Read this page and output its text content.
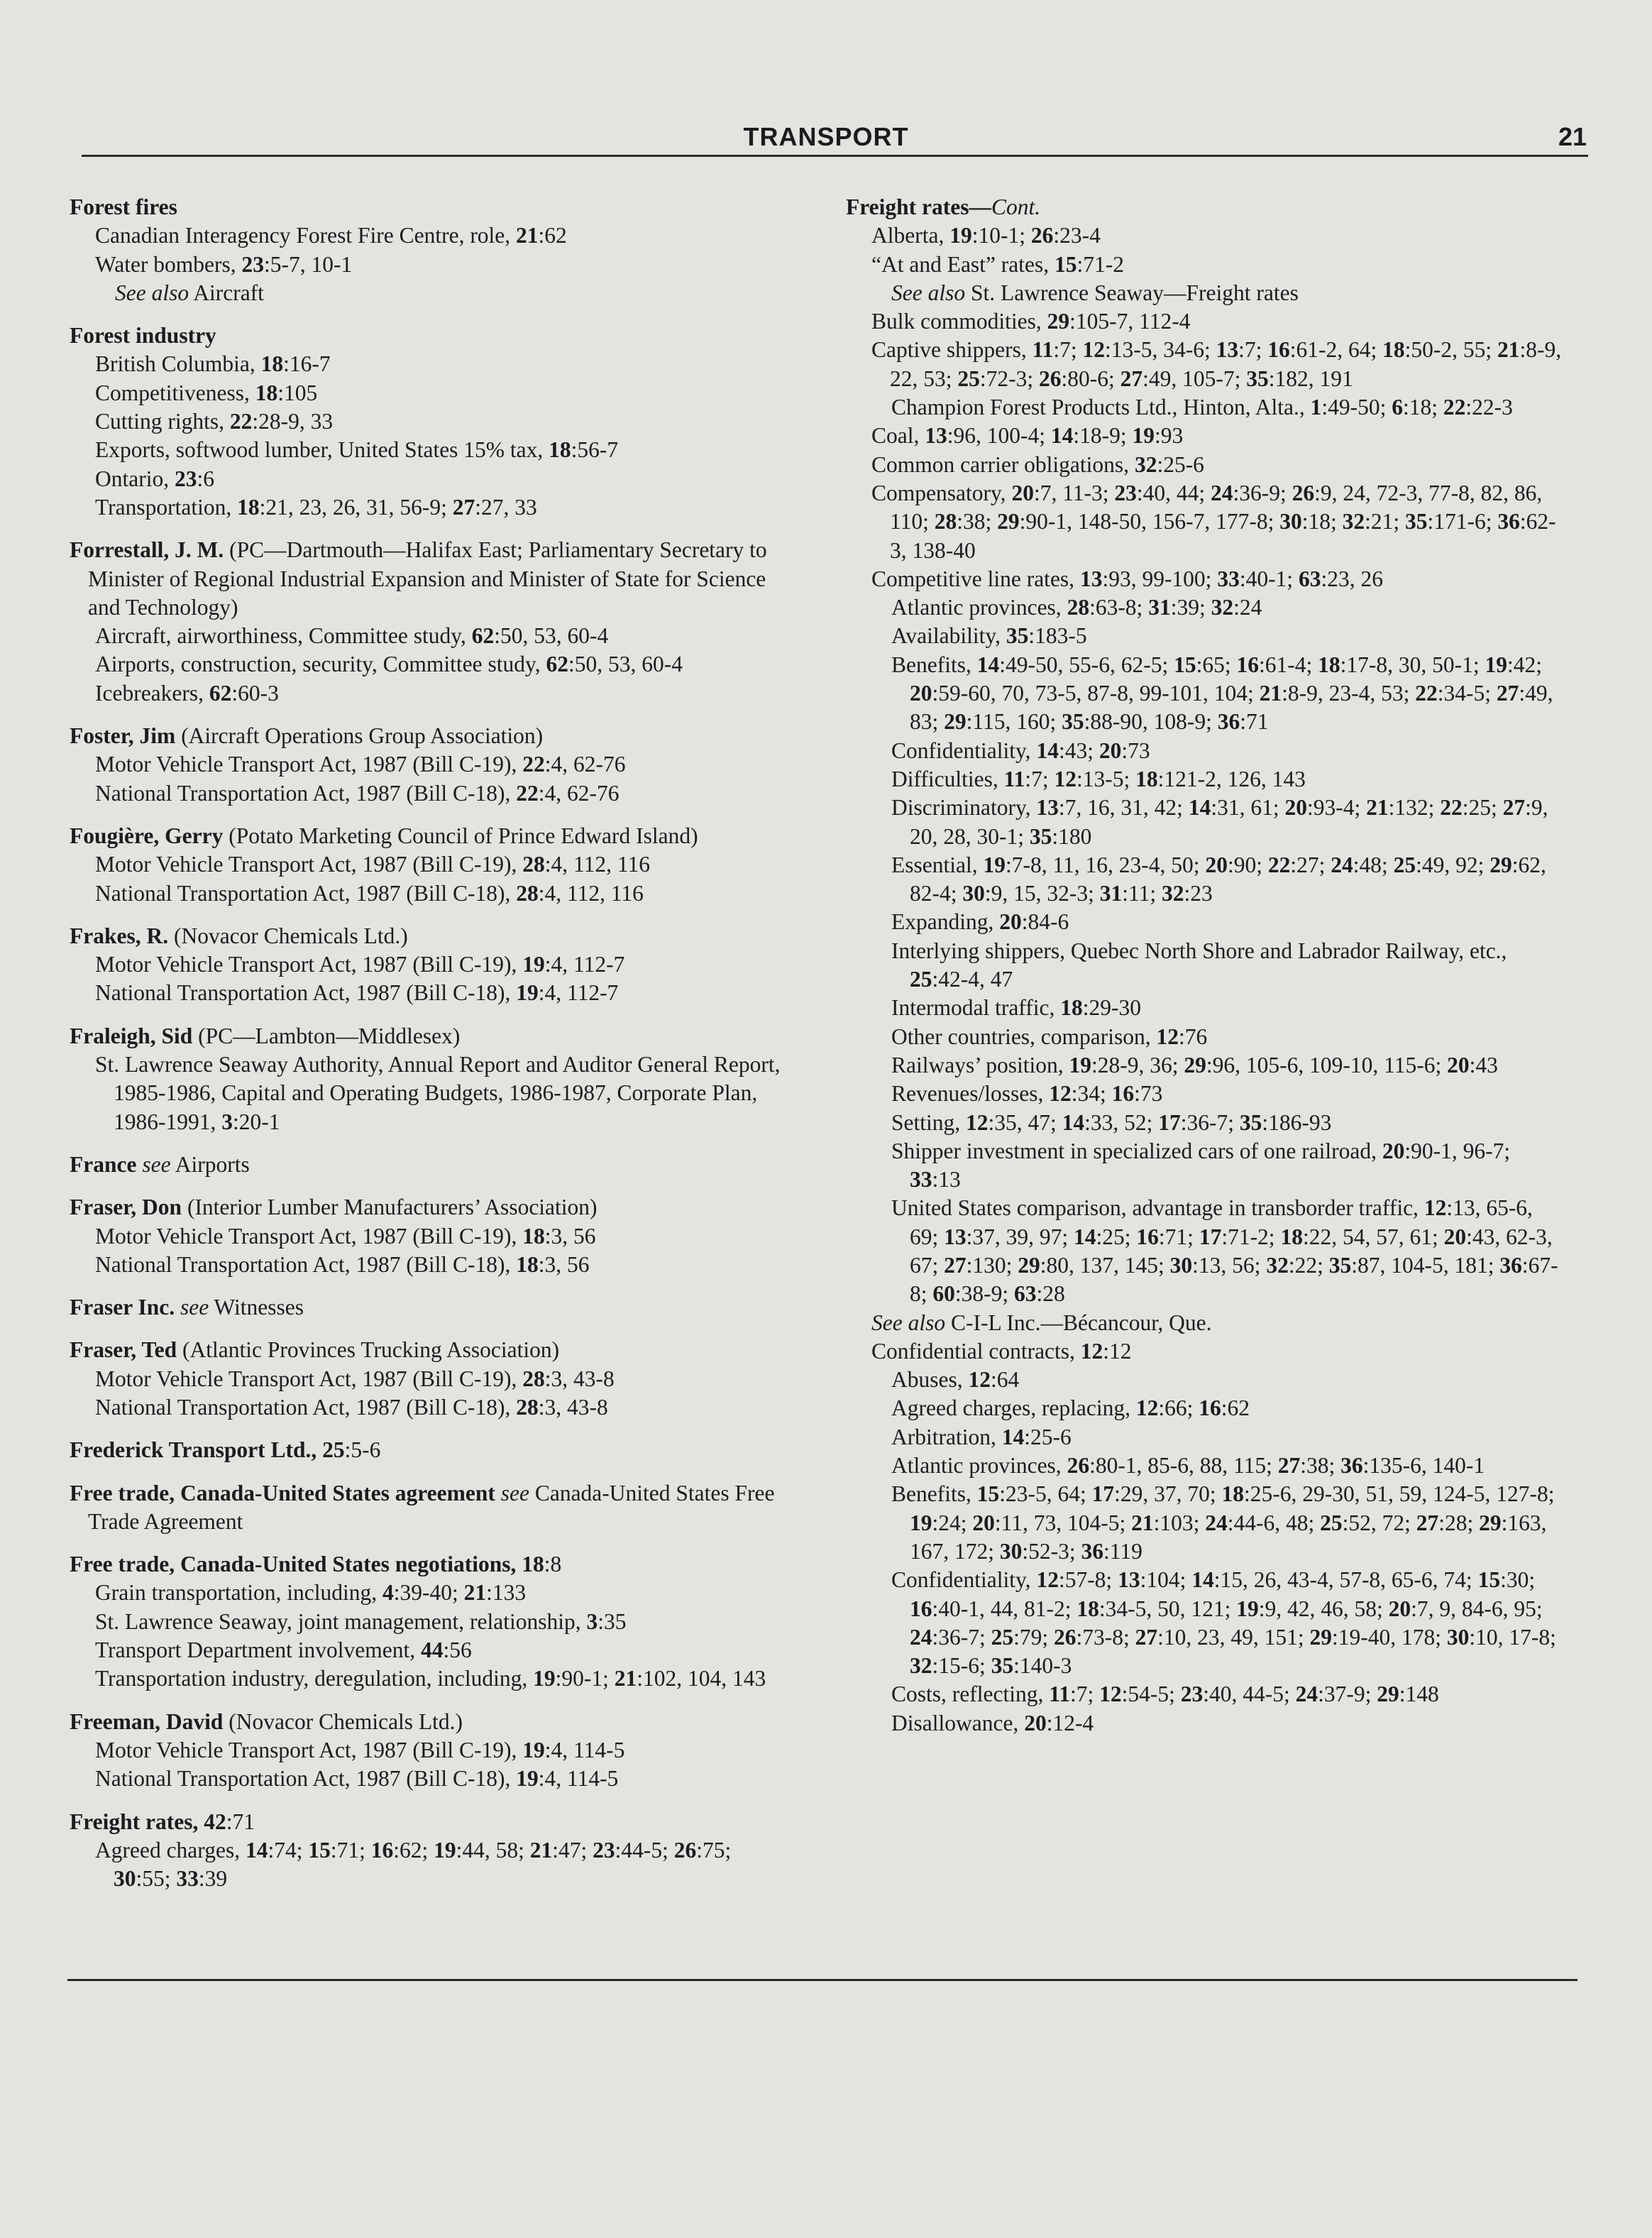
TRANSPORT	21
Forest fires
Canadian Interagency Forest Fire Centre, role, 21:62
Water bombers, 23:5-7, 10-1
See also Aircraft
Forest industry
British Columbia, 18:16-7
Competitiveness, 18:105
Cutting rights, 22:28-9, 33
Exports, softwood lumber, United States 15% tax, 18:56-7
Ontario, 23:6
Transportation, 18:21, 23, 26, 31, 56-9; 27:27, 33
Forrestall, J. M. (PC—Dartmouth—Halifax East; Parliamentary Secretary to Minister of Regional Industrial Expansion and Minister of State for Science and Technology)
Aircraft, airworthiness, Committee study, 62:50, 53, 60-4
Airports, construction, security, Committee study, 62:50, 53, 60-4
Icebreakers, 62:60-3
Foster, Jim (Aircraft Operations Group Association)
Motor Vehicle Transport Act, 1987 (Bill C-19), 22:4, 62-76
National Transportation Act, 1987 (Bill C-18), 22:4, 62-76
Fougière, Gerry (Potato Marketing Council of Prince Edward Island)
Motor Vehicle Transport Act, 1987 (Bill C-19), 28:4, 112, 116
National Transportation Act, 1987 (Bill C-18), 28:4, 112, 116
Frakes, R. (Novacor Chemicals Ltd.)
Motor Vehicle Transport Act, 1987 (Bill C-19), 19:4, 112-7
National Transportation Act, 1987 (Bill C-18), 19:4, 112-7
Fraleigh, Sid (PC—Lambton—Middlesex)
St. Lawrence Seaway Authority, Annual Report and Auditor General Report, 1985-1986, Capital and Operating Budgets, 1986-1987, Corporate Plan, 1986-1991, 3:20-1
France see Airports
Fraser, Don (Interior Lumber Manufacturers’ Association)
Motor Vehicle Transport Act, 1987 (Bill C-19), 18:3, 56
National Transportation Act, 1987 (Bill C-18), 18:3, 56
Fraser Inc. see Witnesses
Fraser, Ted (Atlantic Provinces Trucking Association)
Motor Vehicle Transport Act, 1987 (Bill C-19), 28:3, 43-8
National Transportation Act, 1987 (Bill C-18), 28:3, 43-8
Frederick Transport Ltd., 25:5-6
Free trade, Canada-United States agreement see Canada-United States Free Trade Agreement
Free trade, Canada-United States negotiations, 18:8
Grain transportation, including, 4:39-40; 21:133
St. Lawrence Seaway, joint management, relationship, 3:35
Transport Department involvement, 44:56
Transportation industry, deregulation, including, 19:90-1; 21:102, 104, 143
Freeman, David (Novacor Chemicals Ltd.)
Motor Vehicle Transport Act, 1987 (Bill C-19), 19:4, 114-5
National Transportation Act, 1987 (Bill C-18), 19:4, 114-5
Freight rates, 42:71
Agreed charges, 14:74; 15:71; 16:62; 19:44, 58; 21:47; 23:44-5; 26:75; 30:55; 33:39
Freight rates—Cont.
Alberta, 19:10-1; 26:23-4
“At and East” rates, 15:71-2
See also St. Lawrence Seaway—Freight rates
Bulk commodities, 29:105-7, 112-4
Captive shippers, 11:7; 12:13-5, 34-6; 13:7; 16:61-2, 64; 18:50-2, 55; 21:8-9, 22, 53; 25:72-3; 26:80-6; 27:49, 105-7; 35:182, 191
Champion Forest Products Ltd., Hinton, Alta., 1:49-50; 6:18; 22:22-3
Coal, 13:96, 100-4; 14:18-9; 19:93
Common carrier obligations, 32:25-6
Compensatory, 20:7, 11-3; 23:40, 44; 24:36-9; 26:9, 24, 72-3, 77-8, 82, 86, 110; 28:38; 29:90-1, 148-50, 156-7, 177-8; 30:18; 32:21; 35:171-6; 36:62-3, 138-40
Competitive line rates, 13:93, 99-100; 33:40-1; 63:23, 26
Atlantic provinces, 28:63-8; 31:39; 32:24
Availability, 35:183-5
Benefits, 14:49-50, 55-6, 62-5; 15:65; 16:61-4; 18:17-8, 30, 50-1; 19:42; 20:59-60, 70, 73-5, 87-8, 99-101, 104; 21:8-9, 23-4, 53; 22:34-5; 27:49, 83; 29:115, 160; 35:88-90, 108-9; 36:71
Confidentiality, 14:43; 20:73
Difficulties, 11:7; 12:13-5; 18:121-2, 126, 143
Discriminatory, 13:7, 16, 31, 42; 14:31, 61; 20:93-4; 21:132; 22:25; 27:9, 20, 28, 30-1; 35:180
Essential, 19:7-8, 11, 16, 23-4, 50; 20:90; 22:27; 24:48; 25:49, 92; 29:62, 82-4; 30:9, 15, 32-3; 31:11; 32:23
Expanding, 20:84-6
Interlying shippers, Quebec North Shore and Labrador Railway, etc., 25:42-4, 47
Intermodal traffic, 18:29-30
Other countries, comparison, 12:76
Railways’ position, 19:28-9, 36; 29:96, 105-6, 109-10, 115-6; 20:43
Revenues/losses, 12:34; 16:73
Setting, 12:35, 47; 14:33, 52; 17:36-7; 35:186-93
Shipper investment in specialized cars of one railroad, 20:90-1, 96-7; 33:13
United States comparison, advantage in transborder traffic, 12:13, 65-6, 69; 13:37, 39, 97; 14:25; 16:71; 17:71-2; 18:22, 54, 57, 61; 20:43, 62-3, 67; 27:130; 29:80, 137, 145; 30:13, 56; 32:22; 35:87, 104-5, 181; 36:67-8; 60:38-9; 63:28
See also C-I-L Inc.—Bécancour, Que.
Confidential contracts, 12:12
Abuses, 12:64
Agreed charges, replacing, 12:66; 16:62
Arbitration, 14:25-6
Atlantic provinces, 26:80-1, 85-6, 88, 115; 27:38; 36:135-6, 140-1
Benefits, 15:23-5, 64; 17:29, 37, 70; 18:25-6, 29-30, 51, 59, 124-5, 127-8; 19:24; 20:11, 73, 104-5; 21:103; 24:44-6, 48; 25:52, 72; 27:28; 29:163, 167, 172; 30:52-3; 36:119
Confidentiality, 12:57-8; 13:104; 14:15, 26, 43-4, 57-8, 65-6, 74; 15:30; 16:40-1, 44, 81-2; 18:34-5, 50, 121; 19:9, 42, 46, 58; 20:7, 9, 84-6, 95; 24:36-7; 25:79; 26:73-8; 27:10, 23, 49, 151; 29:19-40, 178; 30:10, 17-8; 32:15-6; 35:140-3
Costs, reflecting, 11:7; 12:54-5; 23:40, 44-5; 24:37-9; 29:148
Disallowance, 20:12-4
